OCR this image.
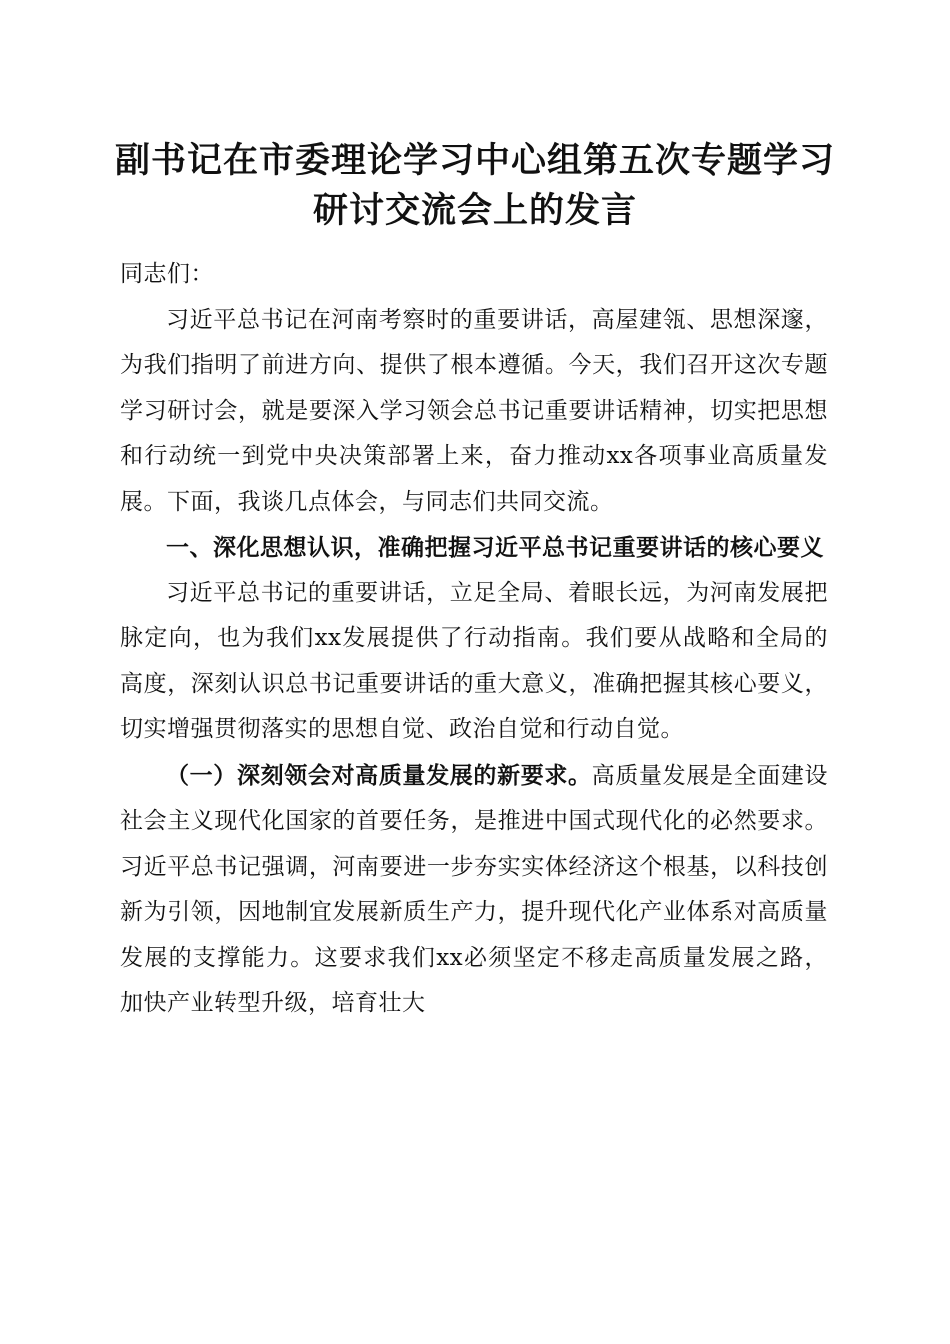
副书记在市委理论学习中心组第五次专题学习
研讨交流会上的发言

同志们：

习近平总书记在河南考察时的重要讲话，高屋建瓴、思想深邃，为我们指明了前进方向、提供了根本遵循。今天，我们召开这次专题学习研讨会，就是要深入学习领会总书记重要讲话精神，切实把思想和行动统一到党中央决策部署上来，奋力推动xx各项事业高质量发展。下面，我谈几点体会，与同志们共同交流。

一、深化思想认识，准确把握习近平总书记重要讲话的核心要义

习近平总书记的重要讲话，立足全局、着眼长远，为河南发展把脉定向，也为我们xx发展提供了行动指南。我们要从战略和全局的高度，深刻认识总书记重要讲话的重大意义，准确把握其核心要义，切实增强贯彻落实的思想自觉、政治自觉和行动自觉。

（一）深刻领会对高质量发展的新要求。高质量发展是全面建设社会主义现代化国家的首要任务，是推进中国式现代化的必然要求。习近平总书记强调，河南要进一步夯实实体经济这个根基，以科技创新为引领，因地制宜发展新质生产力，提升现代化产业体系对高质量发展的支撑能力。这要求我们xx必须坚定不移走高质量发展之路，加快产业转型升级，培育壮大
